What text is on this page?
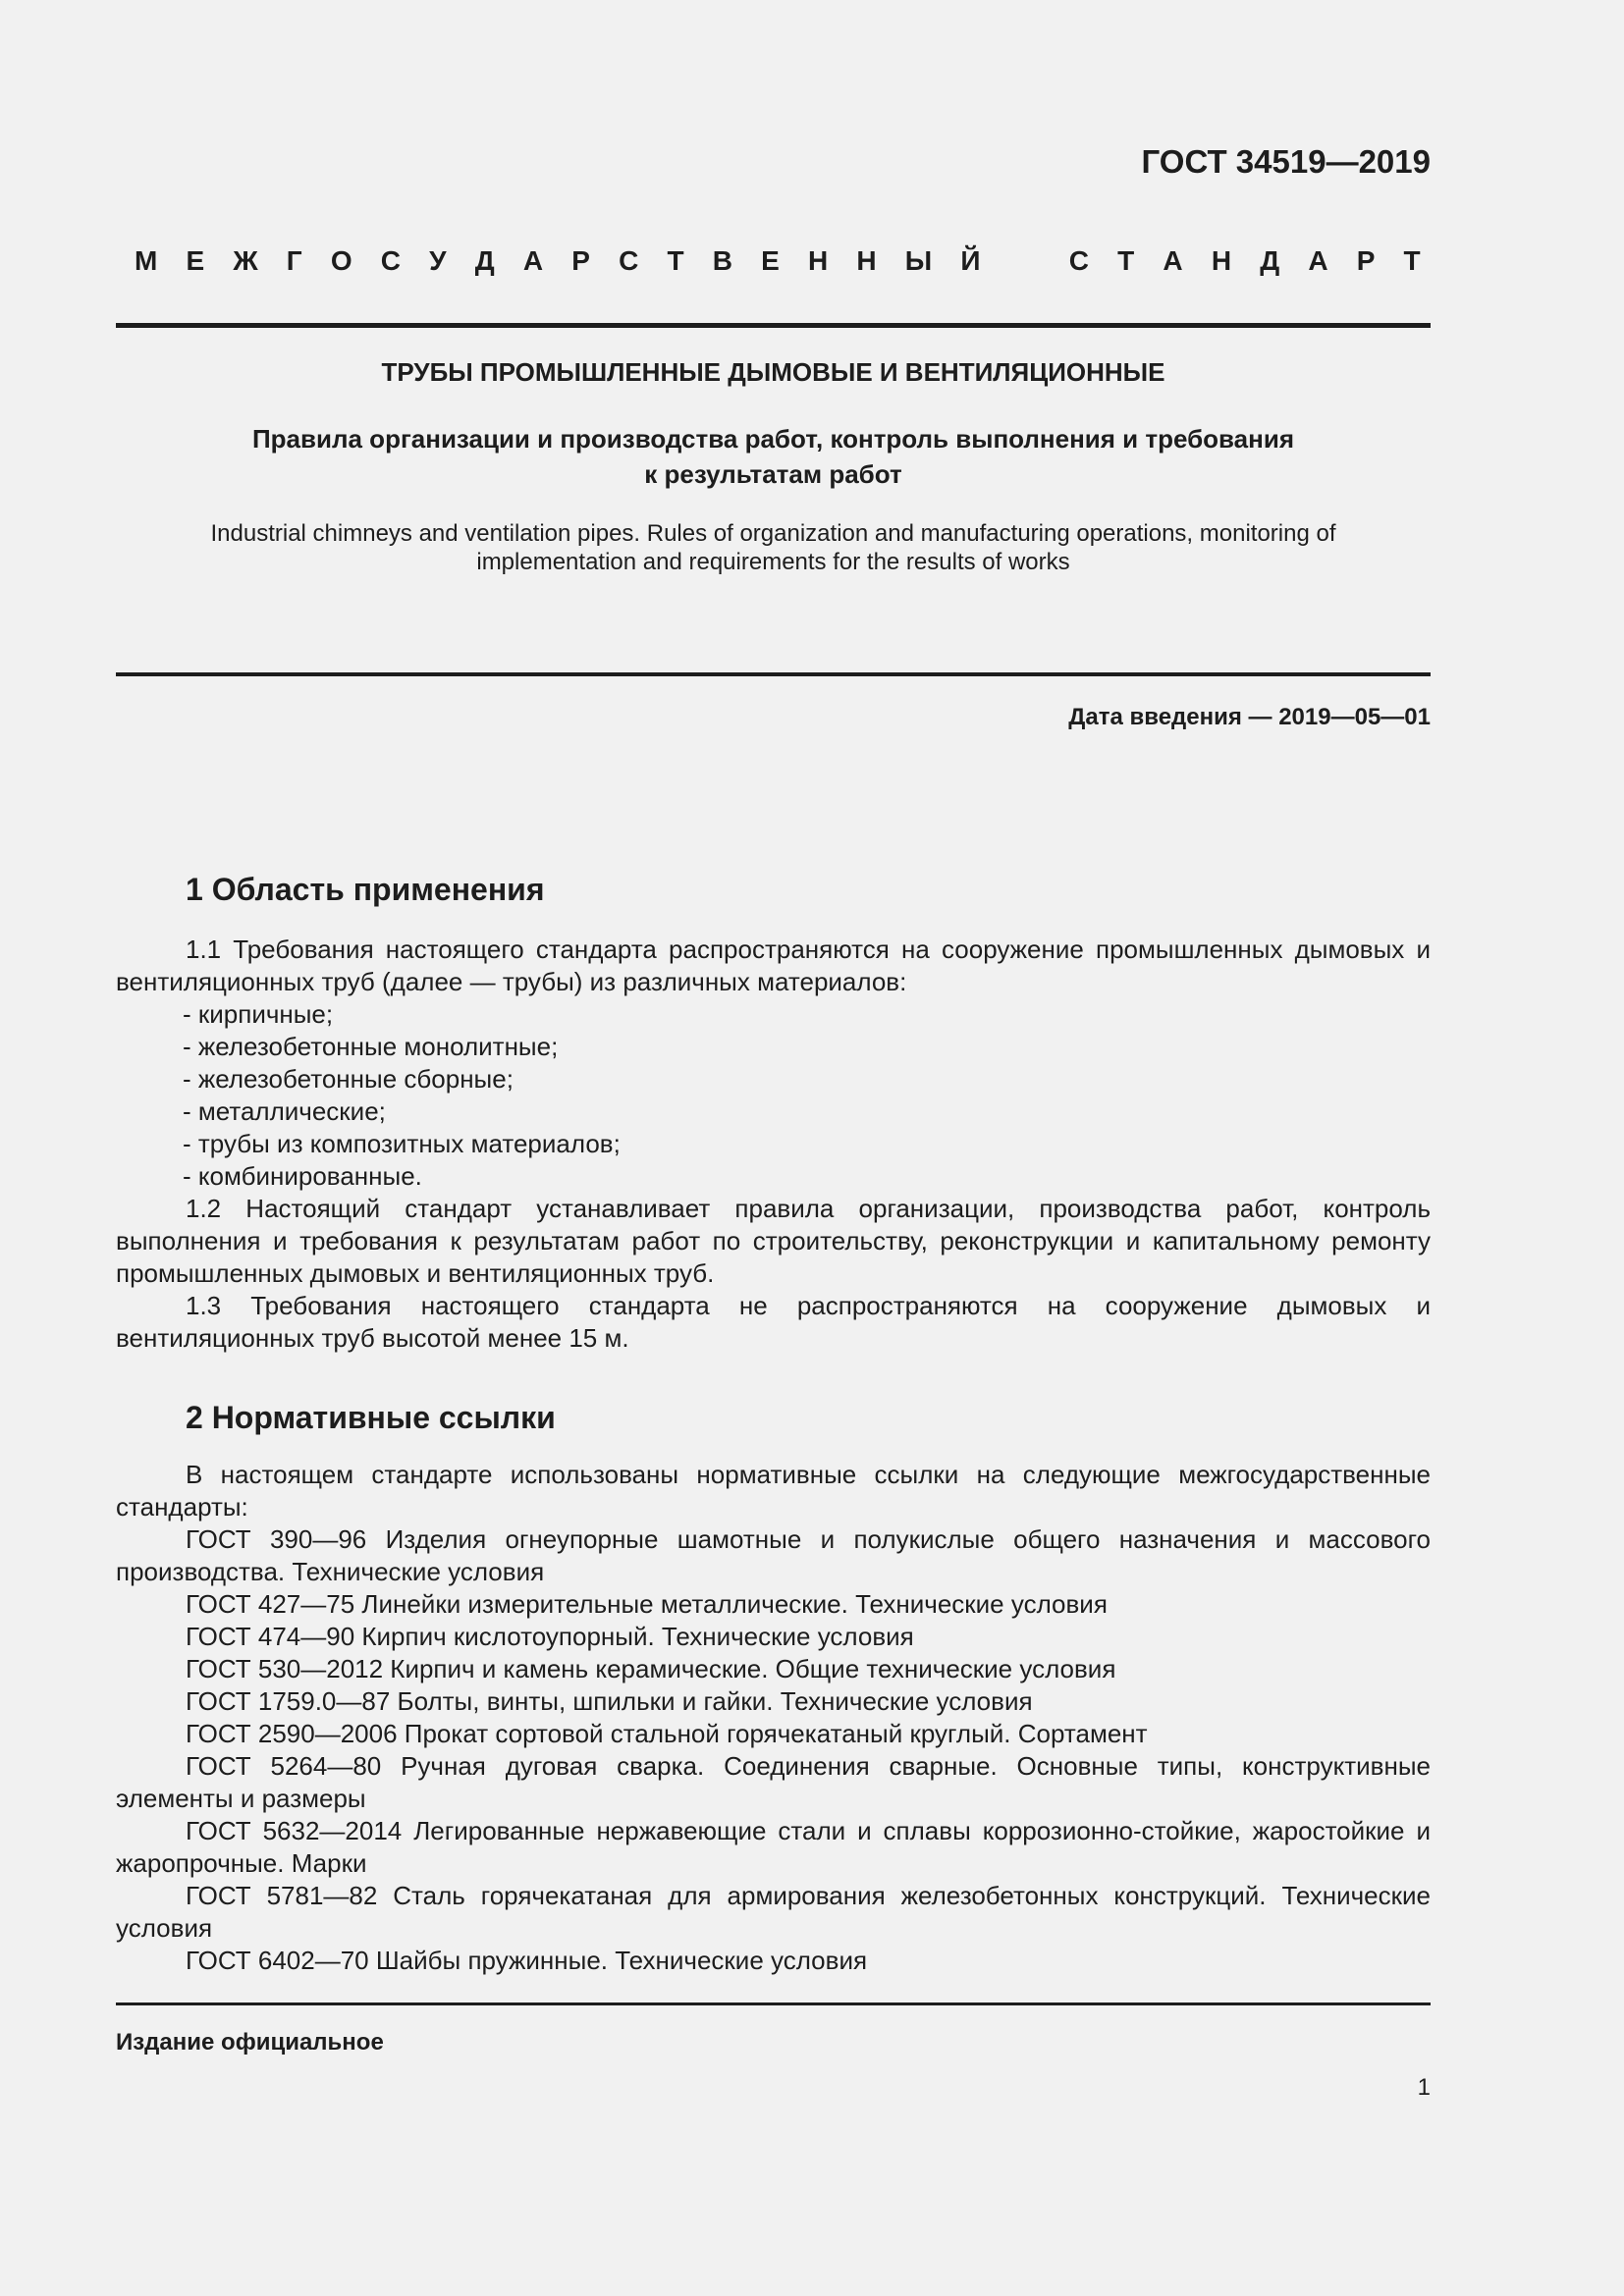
ГОСТ 34519—2019
М Е Ж Г О С У Д А Р С Т В Е Н Н Ы Й	С Т А Н Д А Р Т
ТРУБЫ ПРОМЫШЛЕННЫЕ ДЫМОВЫЕ И ВЕНТИЛЯЦИОННЫЕ
Правила организации и производства работ, контроль выполнения и требования
к результатам работ
Industrial chimneys and ventilation pipes. Rules of organization and manufacturing operations, monitoring of
implementation and requirements for the results of works
Дата введения — 2019—05—01
1 Область применения

1.1 Требования настоящего стандарта распространяются на сооружение промышленных дымовых и вентиляционных труб (далее — трубы) из различных материалов:

- кирпичные;

- железобетонные монолитные;

- железобетонные сборные;

- металлические;

- трубы из композитных материалов;

- комбинированные.

1.2 Настоящий стандарт устанавливает правила организации, производства работ, контроль выполнения и требования к результатам работ по строительству, реконструкции и капитальному ремонту промышленных дымовых и вентиляционных труб.

1.3 Требования настоящего стандарта не распространяются на сооружение дымовых и вентиляционных труб высотой менее 15 м.

2 Нормативные ссылки

В настоящем стандарте использованы нормативные ссылки на следующие межгосударственные стандарты:

ГОСТ 390—96 Изделия огнеупорные шамотные и полукислые общего назначения и массового производства. Технические условия

ГОСТ 427—75 Линейки измерительные металлические. Технические условия

ГОСТ 474—90 Кирпич кислотоупорный. Технические условия

ГОСТ 530—2012 Кирпич и камень керамические. Общие технические условия

ГОСТ 1759.0—87 Болты, винты, шпильки и гайки. Технические условия

ГОСТ 2590—2006 Прокат сортовой стальной горячекатаный круглый. Сортамент

ГОСТ 5264—80 Ручная дуговая сварка. Соединения сварные. Основные типы, конструктивные элементы и размеры

ГОСТ 5632—2014 Легированные нержавеющие стали и сплавы коррозионно-стойкие, жаростойкие и жаропрочные. Марки

ГОСТ 5781—82 Сталь горячекатаная для армирования железобетонных конструкций. Технические условия

ГОСТ 6402—70 Шайбы пружинные. Технические условия

Издание официальное
1
